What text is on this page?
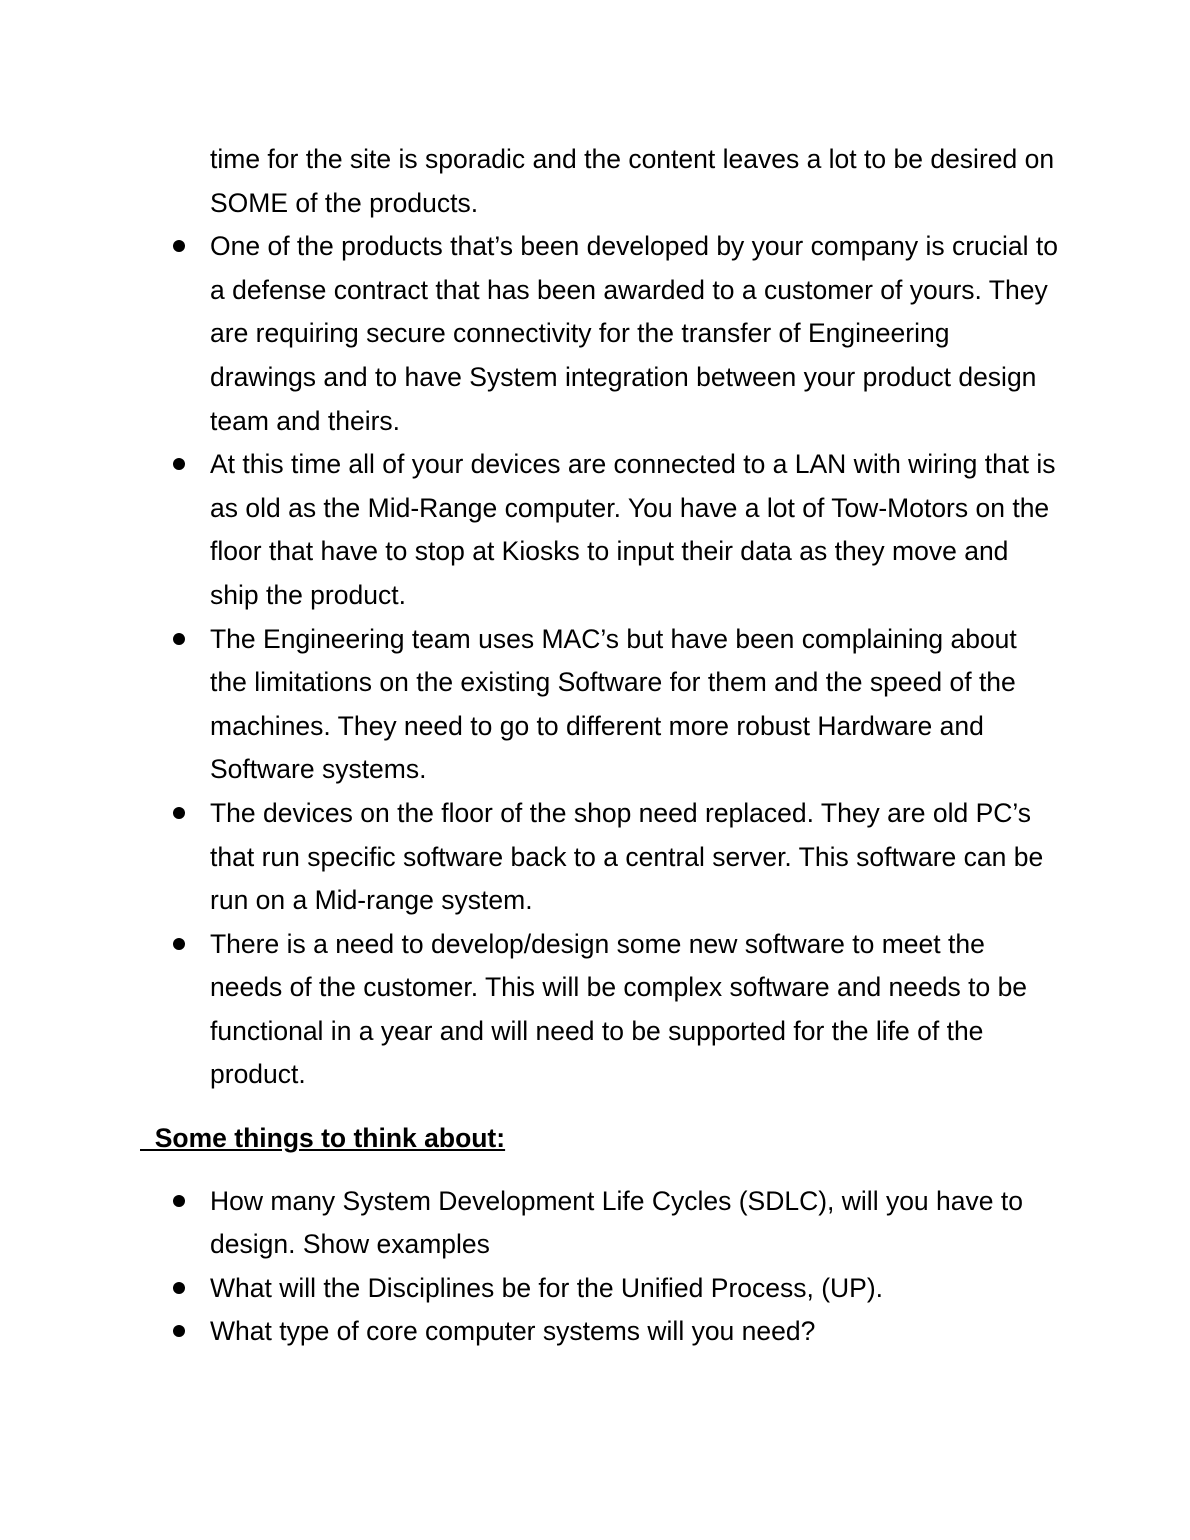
time for the site is sporadic and the content leaves a lot to be desired on SOME of the products.

One of the products that’s been developed by your company is crucial to a defense contract that has been awarded to a customer of yours. They are requiring secure connectivity for the transfer of Engineering drawings and to have System integration between your product design team and theirs.
At this time all of your devices are connected to a LAN with wiring that is as old as the Mid-Range computer. You have a lot of Tow-Motors on the floor that have to stop at Kiosks to input their data as they move and ship the product.
The Engineering team uses MAC’s but have been complaining about the limitations on the existing Software for them and the speed of the machines. They need to go to different more robust Hardware and Software systems.
The devices on the floor of the shop need replaced. They are old PC’s that run specific software back to a central server. This software can be run on a Mid-range system.
There is a need to develop/design some new software to meet the needs of the customer. This will be complex software and needs to be functional in a year and will need to be supported for the life of the product.
Some things to think about:
How many System Development Life Cycles (SDLC), will you have to design. Show examples
What will the Disciplines be for the Unified Process, (UP).
What type of core computer systems will you need?
